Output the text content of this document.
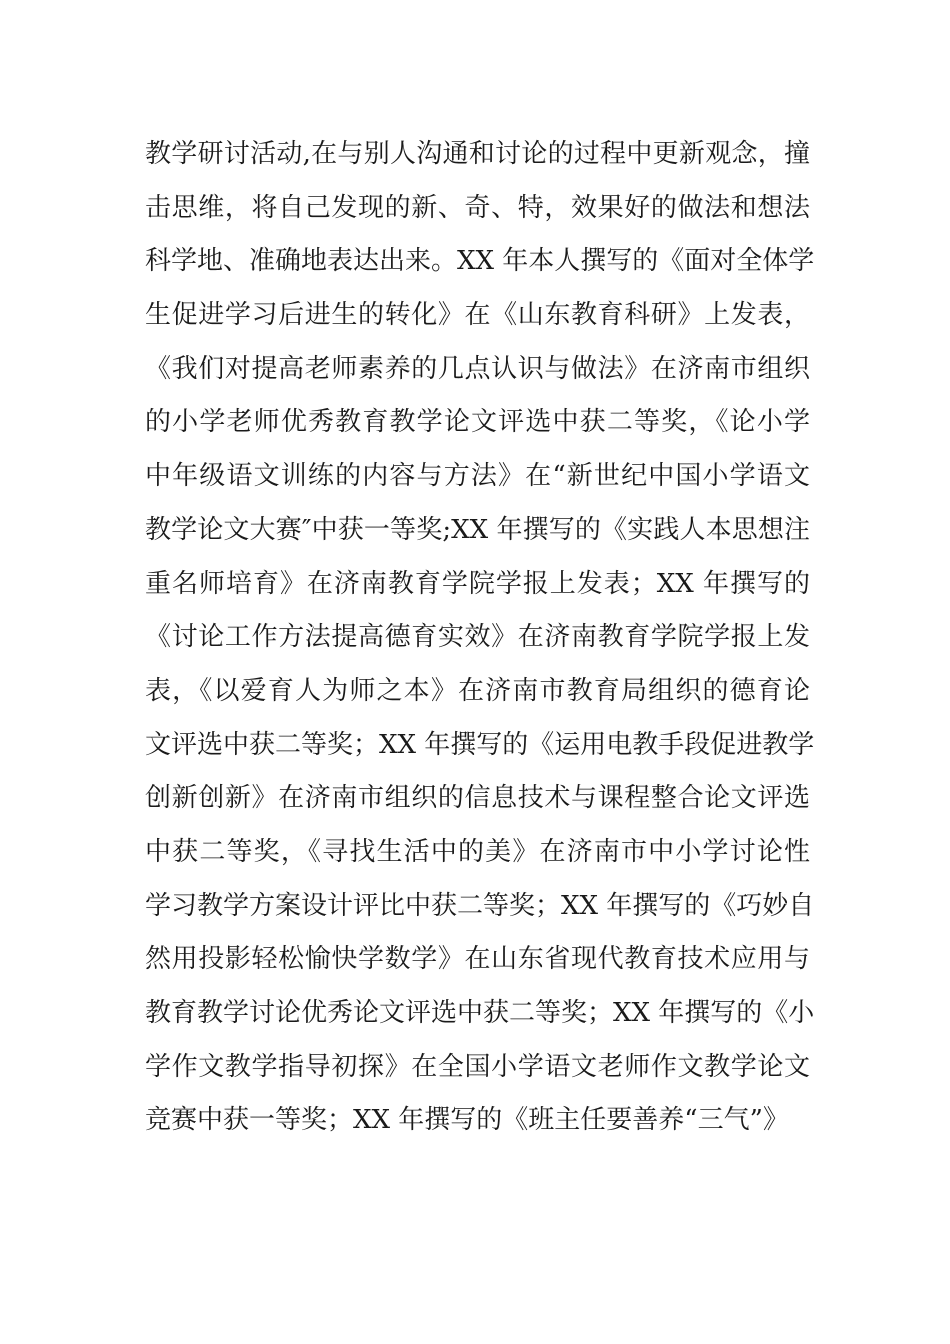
教学研讨活动,在与别人沟通和讨论的过程中更新观念，撞
击思维，将自己发现的新、奇、特，效果好的做法和想法
科学地、准确地表达出来。XX 年本人撰写的《面对全体学
生促进学习后进生的转化》在《山东教育科研》上发表，
《我们对提高老师素养的几点认识与做法》在济南市组织
的小学老师优秀教育教学论文评选中获二等奖，《论小学
中年级语文训练的内容与方法》在“新世纪中国小学语文
教学论文大赛″中获一等奖;XX 年撰写的《实践人本思想注
重名师培育》在济南教育学院学报上发表；XX 年撰写的
《讨论工作方法提高德育实效》在济南教育学院学报上发
表，《以爱育人为师之本》在济南市教育局组织的德育论
文评选中获二等奖；XX 年撰写的《运用电教手段促进教学
创新创新》在济南市组织的信息技术与课程整合论文评选
中获二等奖，《寻找生活中的美》在济南市中小学讨论性
学习教学方案设计评比中获二等奖；XX 年撰写的《巧妙自
然用投影轻松愉快学数学》在山东省现代教育技术应用与
教育教学讨论优秀论文评选中获二等奖；XX 年撰写的《小
学作文教学指导初探》在全国小学语文老师作文教学论文
竞赛中获一等奖；XX 年撰写的《班主任要善养“三气”》
